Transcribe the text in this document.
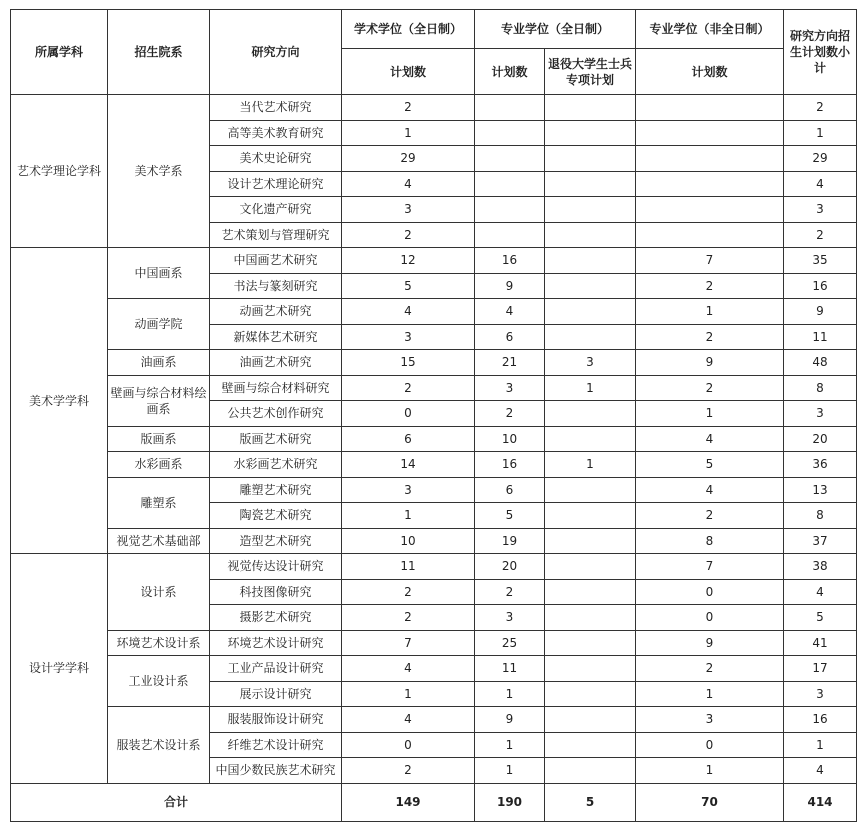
所属学科	招生院系	研究方向	学术学位（全日制）	专业学位（全日制）		专业学位（非全日制）	研究方向招生计划数小计
			计划数	计划数	退役大学生士兵专项计划	计划数	
艺术学理论学科	美术学系	当代艺术研究	2				2
		高等美术教育研究	1				1
		美术史论研究	29				29
		设计艺术理论研究	4				4
		文化遗产研究	3				3
		艺术策划与管理研究	2				2
美术学学科	中国画系	中国画艺术研究	12	16		7	35
		书法与篆刻研究	5	9		2	16
	动画学院	动画艺术研究	4	4		1	9
		新媒体艺术研究	3	6		2	11
	油画系	油画艺术研究	15	21	3	9	48
	壁画与综合材料绘画系	壁画与综合材料研究	2	3	1	2	8
		公共艺术创作研究	0	2		1	3
	版画系	版画艺术研究	6	10		4	20
	水彩画系	水彩画艺术研究	14	16	1	5	36
	雕塑系	雕塑艺术研究	3	6		4	13
		陶瓷艺术研究	1	5		2	8
	视觉艺术基础部	造型艺术研究	10	19		8	37
设计学学科	设计系	视觉传达设计研究	11	20		7	38
		科技图像研究	2	2		0	4
		摄影艺术研究	2	3		0	5
	环境艺术设计系	环境艺术设计研究	7	25		9	41
	工业设计系	工业产品设计研究	4	11		2	17
		展示设计研究	1	1		1	3
	服装艺术设计系	服装服饰设计研究	4	9		3	16
		纤维艺术设计研究	0	1		0	1
		中国少数民族艺术研究	2	1		1	4
合计			149	190	5	70	414
